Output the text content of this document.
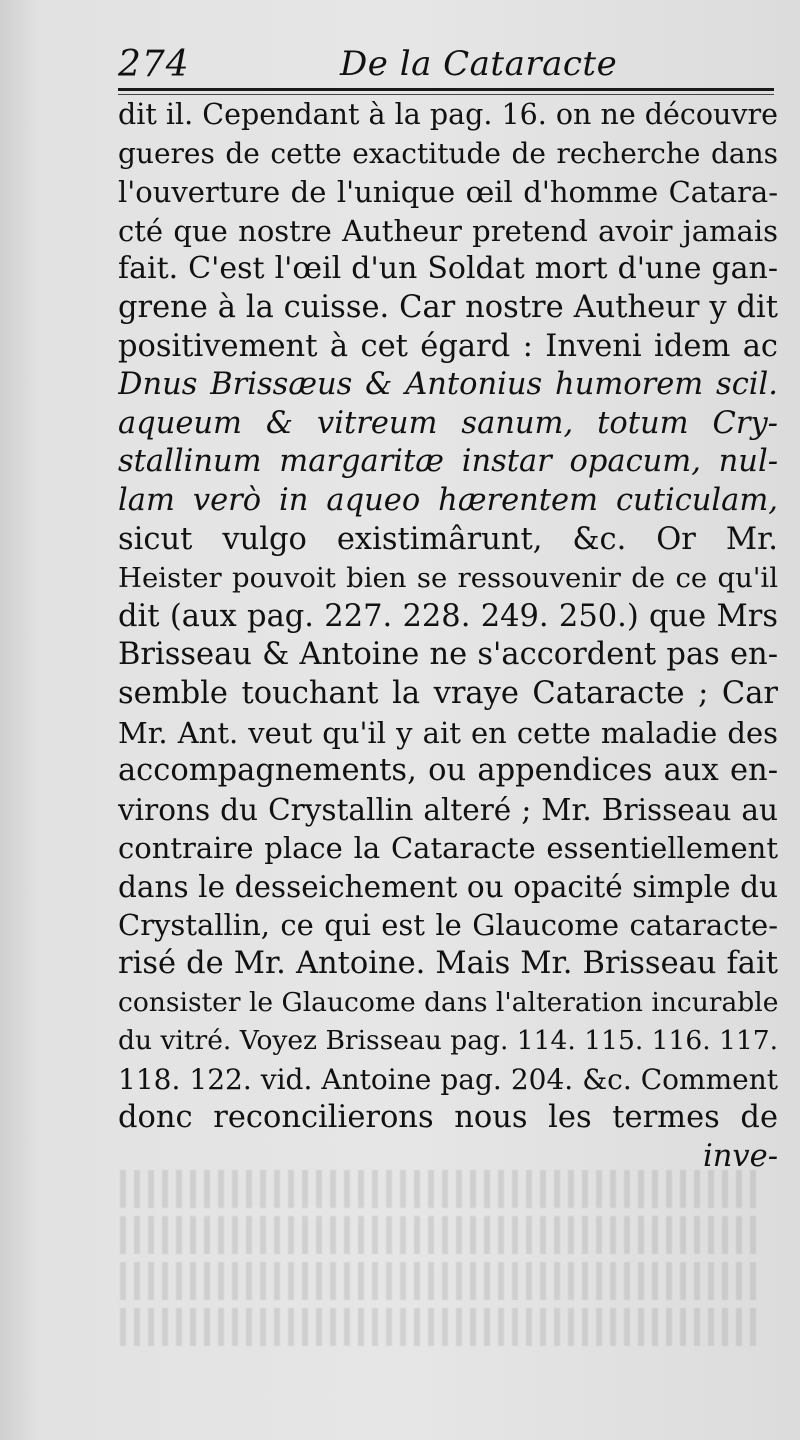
274	De la Cataracte
dit il. Cependant à la pag. 16. on ne découvre
gueres de cette exactitude de recherche dans
l'ouverture de l'unique œil d'homme Catara-
cté que nostre Autheur pretend avoir jamais
fait. C'est l'œil d'un Soldat mort d'une gan-
grene à la cuisse. Car nostre Autheur y dit
positivement à cet égard : Inveni idem ac
Dnus Brissæus & Antonius humorem scil.
aqueum & vitreum sanum, totum Cry-
stallinum margaritæ instar opacum, nul-
lam verò in aqueo hærentem cuticulam,
sicut vulgo existimârunt, &c. Or Mr.
Heister pouvoit bien se ressouvenir de ce qu'il
dit (aux pag. 227. 228. 249. 250.) que Mrs
Brisseau & Antoine ne s'accordent pas en-
semble touchant la vraye Cataracte ; Car
Mr. Ant. veut qu'il y ait en cette maladie des
accompagnements, ou appendices aux en-
virons du Crystallin alteré ; Mr. Brisseau au
contraire place la Cataracte essentiellement
dans le desseichement ou opacité simple du
Crystallin, ce qui est le Glaucome cataracte-
risé de Mr. Antoine. Mais Mr. Brisseau fait
consister le Glaucome dans l'alteration incurable
du vitré. Voyez Brisseau pag. 114. 115. 116. 117.
118. 122. vid. Antoine pag. 204. &c. Comment
donc reconcilierons nous les termes de
inve-
